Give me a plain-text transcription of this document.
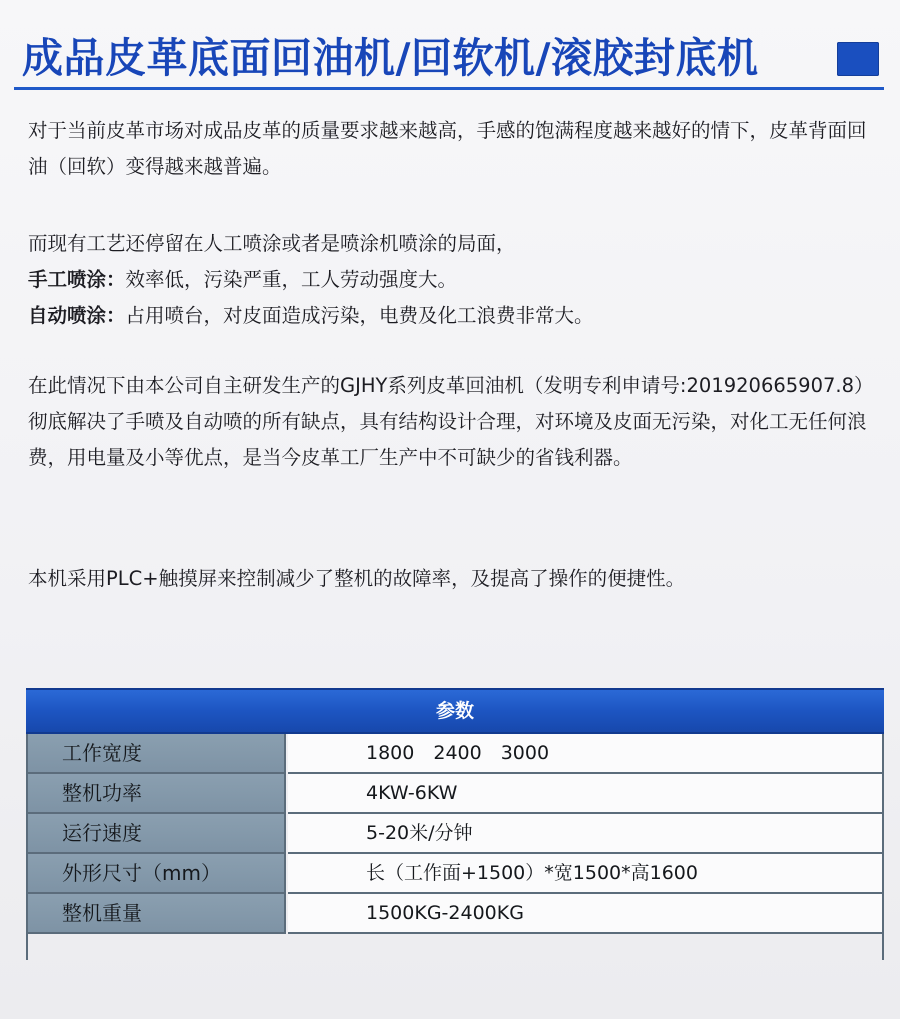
成品皮革底面回油机/回软机/滚胶封底机
对于当前皮革市场对成品皮革的质量要求越来越高，手感的饱满程度越来越好的情下，皮革背面回油（回软）变得越来越普遍。
而现有工艺还停留在人工喷涂或者是喷涂机喷涂的局面，
手工喷涂：效率低，污染严重，工人劳动强度大。
自动喷涂：占用喷台，对皮面造成污染，电费及化工浪费非常大。
在此情况下由本公司自主研发生产的GJHY系列皮革回油机（发明专利申请号:201920665907.8）彻底解决了手喷及自动喷的所有缺点，具有结构设计合理，对环境及皮面无污染，对化工无任何浪费，用电量及小等优点，是当今皮革工厂生产中不可缺少的省钱利器。
本机采用PLC+触摸屏来控制减少了整机的故障率，及提高了操作的便捷性。
参数
工作宽度	1800　2400　3000
整机功率	4KW-6KW
运行速度	5-20米/分钟
外形尺寸（mm）	长（工作面+1500）*宽1500*高1600
整机重量	1500KG-2400KG
